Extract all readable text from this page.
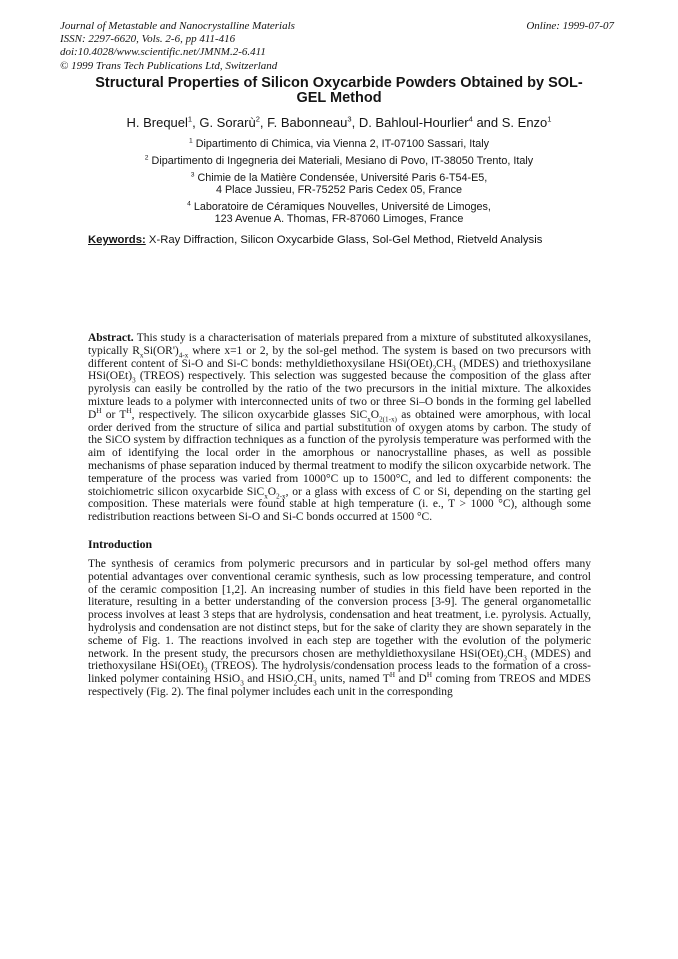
Journal of Metastable and Nanocrystalline Materials
ISSN: 2297-6620, Vols. 2-6, pp 411-416
doi:10.4028/www.scientific.net/JMNM.2-6.411
© 1999 Trans Tech Publications Ltd, Switzerland
Online: 1999-07-07
Structural Properties of Silicon Oxycarbide Powders Obtained by SOL-
GEL Method
H. Brequel$^1$, G. Sorarù$^2$, F. Babonneau$^3$, D. Bahloul-Hourlier$^4$ and S. Enzo$^1$
$^1$ Dipartimento di Chimica, via Vienna 2, IT-07100 Sassari, Italy
$^2$ Dipartimento di Ingegneria dei Materiali, Mesiano di Povo, IT-38050 Trento, Italy
$^3$ Chimie de la Matière Condensée, Université Paris 6-T54-E5,
4 Place Jussieu, FR-75252 Paris Cedex 05, France
$^4$ Laboratoire de Céramiques Nouvelles, Université de Limoges,
123 Avenue A. Thomas, FR-87060 Limoges, France
Keywords: X-Ray Diffraction, Silicon Oxycarbide Glass, Sol-Gel Method, Rietveld Analysis
Abstract. This study is a characterisation of materials prepared from a mixture of substituted alkoxysilanes, typically $R_xSi(OR')_{4-x}$ where x=1 or 2, by the sol-gel method. The system is based on two precursors with different content of Si-O and Si-C bonds: methyldiethoxysilane $HSi(OEt)_2CH_3$ (MDES) and triethoxysilane $HSi(OEt)_3$ (TREOS) respectively. This selection was suggested because the composition of the glass after pyrolysis can easily be controlled by the ratio of the two precursors in the initial mixture. The alkoxides mixture leads to a polymer with interconnected units of two or three Si–O bonds in the forming gel labelled $D^H$ or $T^H$, respectively. The silicon oxycarbide glasses $SiC_xO_{2(1-x)}$ as obtained were amorphous, with local order derived from the structure of silica and partial substitution of oxygen atoms by carbon. The study of the SiCO system by diffraction techniques as a function of the pyrolysis temperature was performed with the aim of identifying the local order in the amorphous or nanocrystalline phases, as well as possible mechanisms of phase separation induced by thermal treatment to modify the silicon oxycarbide network. The temperature of the process was varied from 1000°C up to 1500°C, and led to different components: the stoichiometric silicon oxycarbide $SiC_xO_{2-x}$, or a glass with excess of C or Si, depending on the starting gel composition. These materials were found stable at high temperature (i. e., T > 1000 °C), although some redistribution reactions between Si-O and Si-C bonds occurred at 1500 °C.
Introduction
The synthesis of ceramics from polymeric precursors and in particular by sol-gel method offers many potential advantages over conventional ceramic synthesis, such as low processing temperature, and control of the ceramic composition [1,2]. An increasing number of studies in this field have been reported in the literature, resulting in a better understanding of the conversion process [3-9]. The general organometallic process involves at least 3 steps that are hydrolysis, condensation and heat treatment, i.e. pyrolysis. Actually, hydrolysis and condensation are not distinct steps, but for the sake of clarity they are shown separately in the scheme of Fig. 1. The reactions involved in each step are together with the evolution of the polymeric network. In the present study, the precursors chosen are methyldiethoxysilane $HSi(OEt)_2CH_3$ (MDES) and triethoxysilane $HSi(OEt)_3$ (TREOS). The hydrolysis/condensation process leads to the formation of a cross-linked polymer containing HSiO$_3$ and $HSiO_2CH_3$ units, named $T^H$ and $D^H$ coming from TREOS and MDES respectively (Fig. 2). The final polymer includes each unit in the corresponding
